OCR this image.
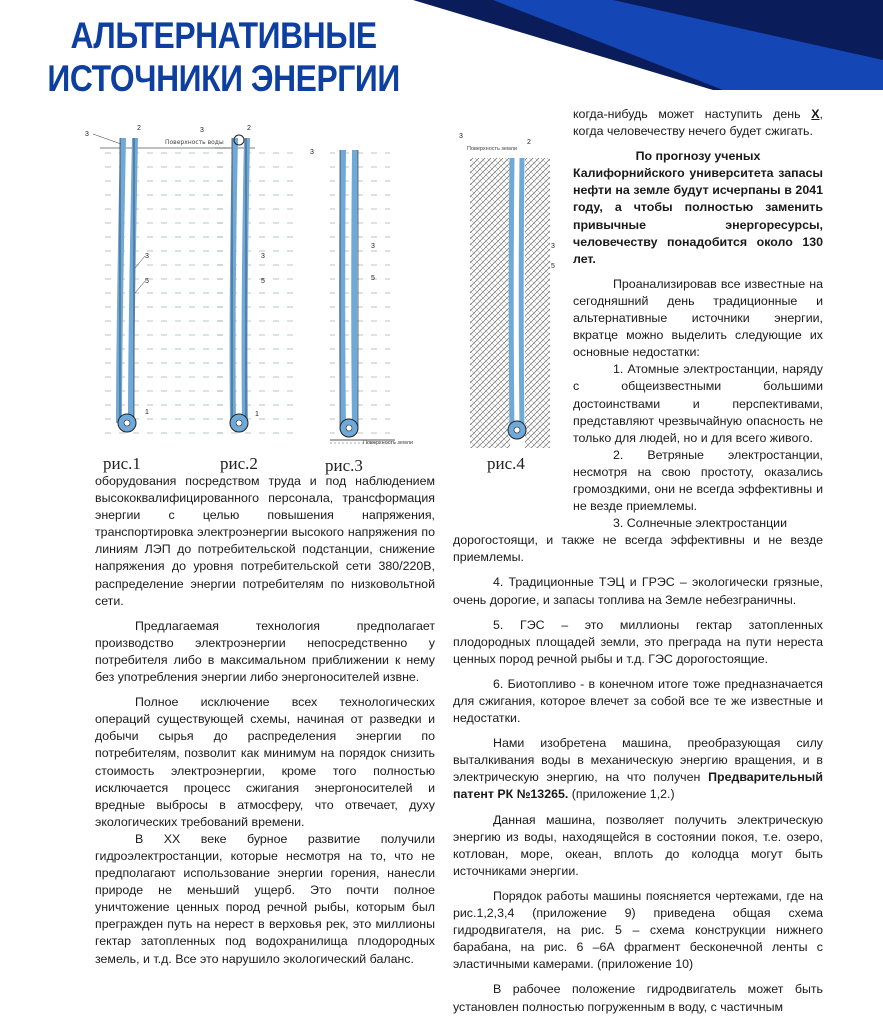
АЛЬТЕРНАТИВНЫЕ
ИСТОЧНИКИ ЭНЕРГИИ
Поверхность воды
2
3
3
5
1
2
3
3
5
1
3
3
5
Поверхность земли
Поверхность земли
2
3
3
5
рис.1	рис.2	рис.3	рис.4

оборудования посредством труда и под наблюдением высококвалифицированного персонала, трансформация энергии с целью повышения напряжения, транспортировка электроэнергии высокого напряжения по линиям ЛЭП до потребительской подстанции, снижение напряжения до уровня потребительской сети 380/220В, распределение энергии потребителям по низковольтной сети.

Предлагаемая технология предполагает производство электроэнергии непосредственно у потребителя либо в максимальном приближении к нему без употребления энергии либо энергоносителей извне.

Полное исключение всех технологических операций существующей схемы, начиная от разведки и добычи сырья до распределения энергии по потребителям, позволит как минимум на порядок снизить стоимость электроэнергии, кроме того полностью исключается процесс сжигания энергоносителей и вредные выбросы в атмосферу, что отвечает, духу экологических требований времени.

В XX веке бурное развитие получили гидроэлектростанции, которые несмотря на то, что не предполагают использование энергии горения, нанесли природе не меньший ущерб. Это почти полное уничтожение ценных пород речной рыбы, которым был прегражден путь на нерест в верховья рек, это миллионы гектар затопленных под водохранилища плодородных земель, и т.д. Все это нарушило экологический баланс.

когда-нибудь может наступить день Х, когда человечеству нечего будет сжигать.

По прогнозу ученых

Калифорнийского университета запасы нефти на земле будут исчерпаны в 2041 году, а чтобы полностью заменить привычные энергоресурсы, человечеству понадобится около 130 лет.

Проанализировав все известные на сегодняшний день традиционные и альтернативные источники энергии, вкратце можно выделить следующие их основные недостатки:

1. Атомные электростанции, наряду с общеизвестными большими достоинствами и перспективами, представляют чрезвычайную опасность не только для людей, но и для всего живого.

2. Ветряные электростанции, несмотря на свою простоту, оказались громоздкими, они не всегда эффективны и не везде приемлемы.

3. Солнечные электростанции

дорогостоящи, и также не всегда эффективны и не везде приемлемы.

4. Традиционные ТЭЦ и ГРЭС – экологически грязные, очень дорогие, и запасы топлива на Земле небезграничны.

5. ГЭС – это миллионы гектар затопленных плодородных площадей земли, это преграда на пути нереста ценных пород речной рыбы и т.д. ГЭС дорогостоящие.

6. Биотопливо - в конечном итоге тоже предназначается для сжигания, которое влечет за собой все те же известные и недостатки.

Нами изобретена машина, преобразующая силу выталкивания воды в механическую энергию вращения, и в электрическую энергию, на что получен Предварительный патент РК №13265. (приложение 1,2.)

Данная машина, позволяет получить электрическую энергию из воды, находящейся в состоянии покоя, т.е. озеро, котлован, море, океан, вплоть до колодца могут быть источниками энергии.

Порядок работы машины поясняется чертежами, где на рис.1,2,3,4 (приложение 9) приведена общая схема гидродвигателя, на рис. 5 – схема конструкции нижнего барабана, на рис. 6 –6А фрагмент бесконечной ленты с эластичными камерами. (приложение 10)

В рабочее положение гидродвигатель может быть установлен полностью погруженным в воду, с частичным
